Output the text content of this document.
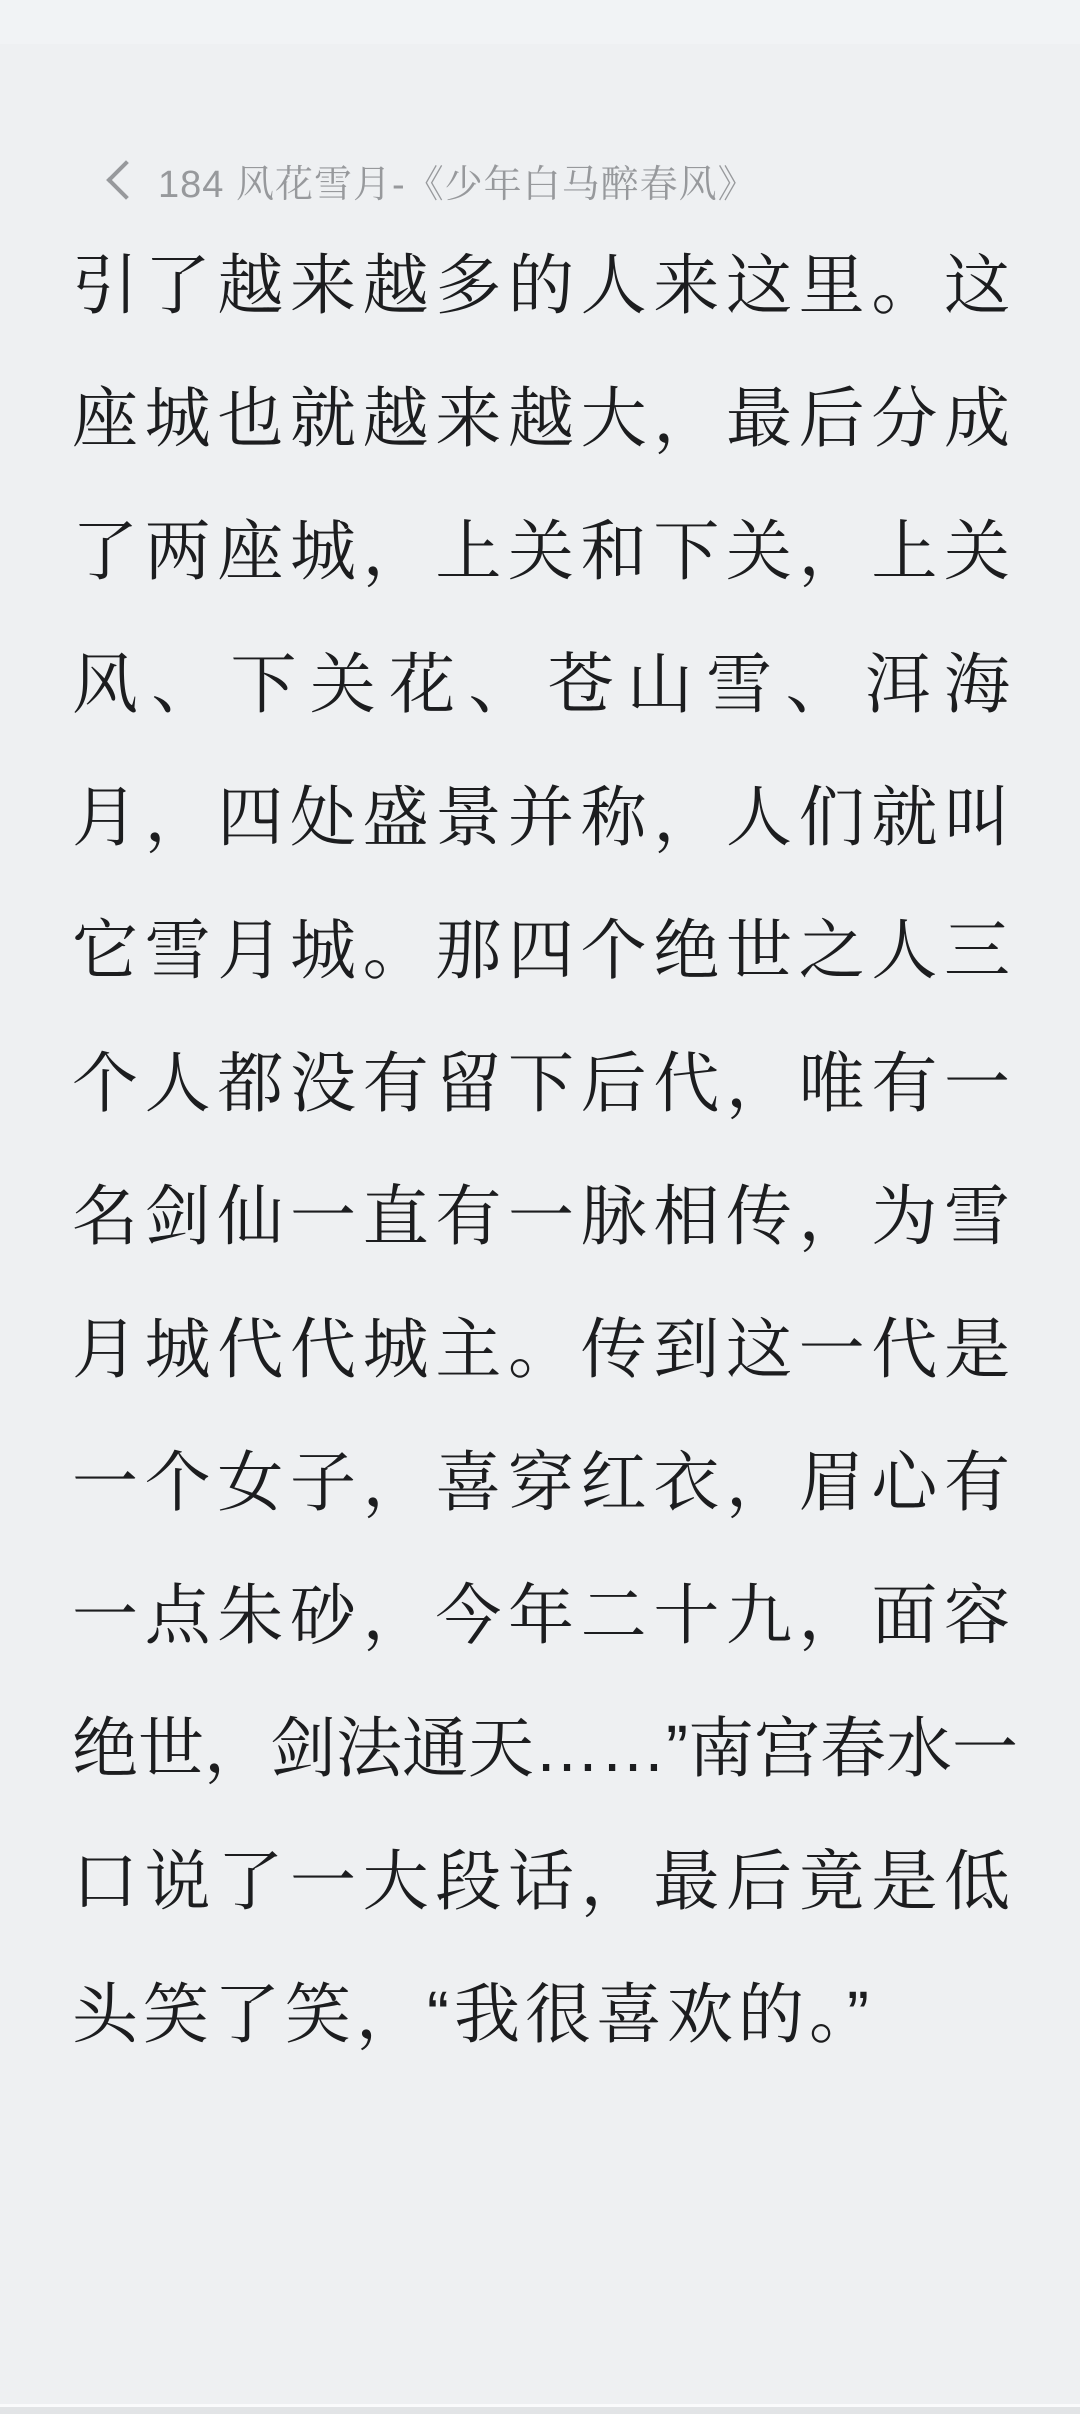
184 风花雪月-《少年白马醉春风》
引了越来越多的人来这里。这
座城也就越来越大，最后分成
了两座城，上关和下关，上关
风、下关花、苍山雪、洱海
月，四处盛景并称，人们就叫
它雪月城。那四个绝世之人三
个人都没有留下后代，唯有一
名剑仙一直有一脉相传，为雪
月城代代城主。传到这一代是
一个女子，喜穿红衣，眉心有
一点朱砂，今年二十九，面容
绝世，剑法通天……”南宫春水一
口说了一大段话，最后竟是低
头笑了笑，“我很喜欢的。”
